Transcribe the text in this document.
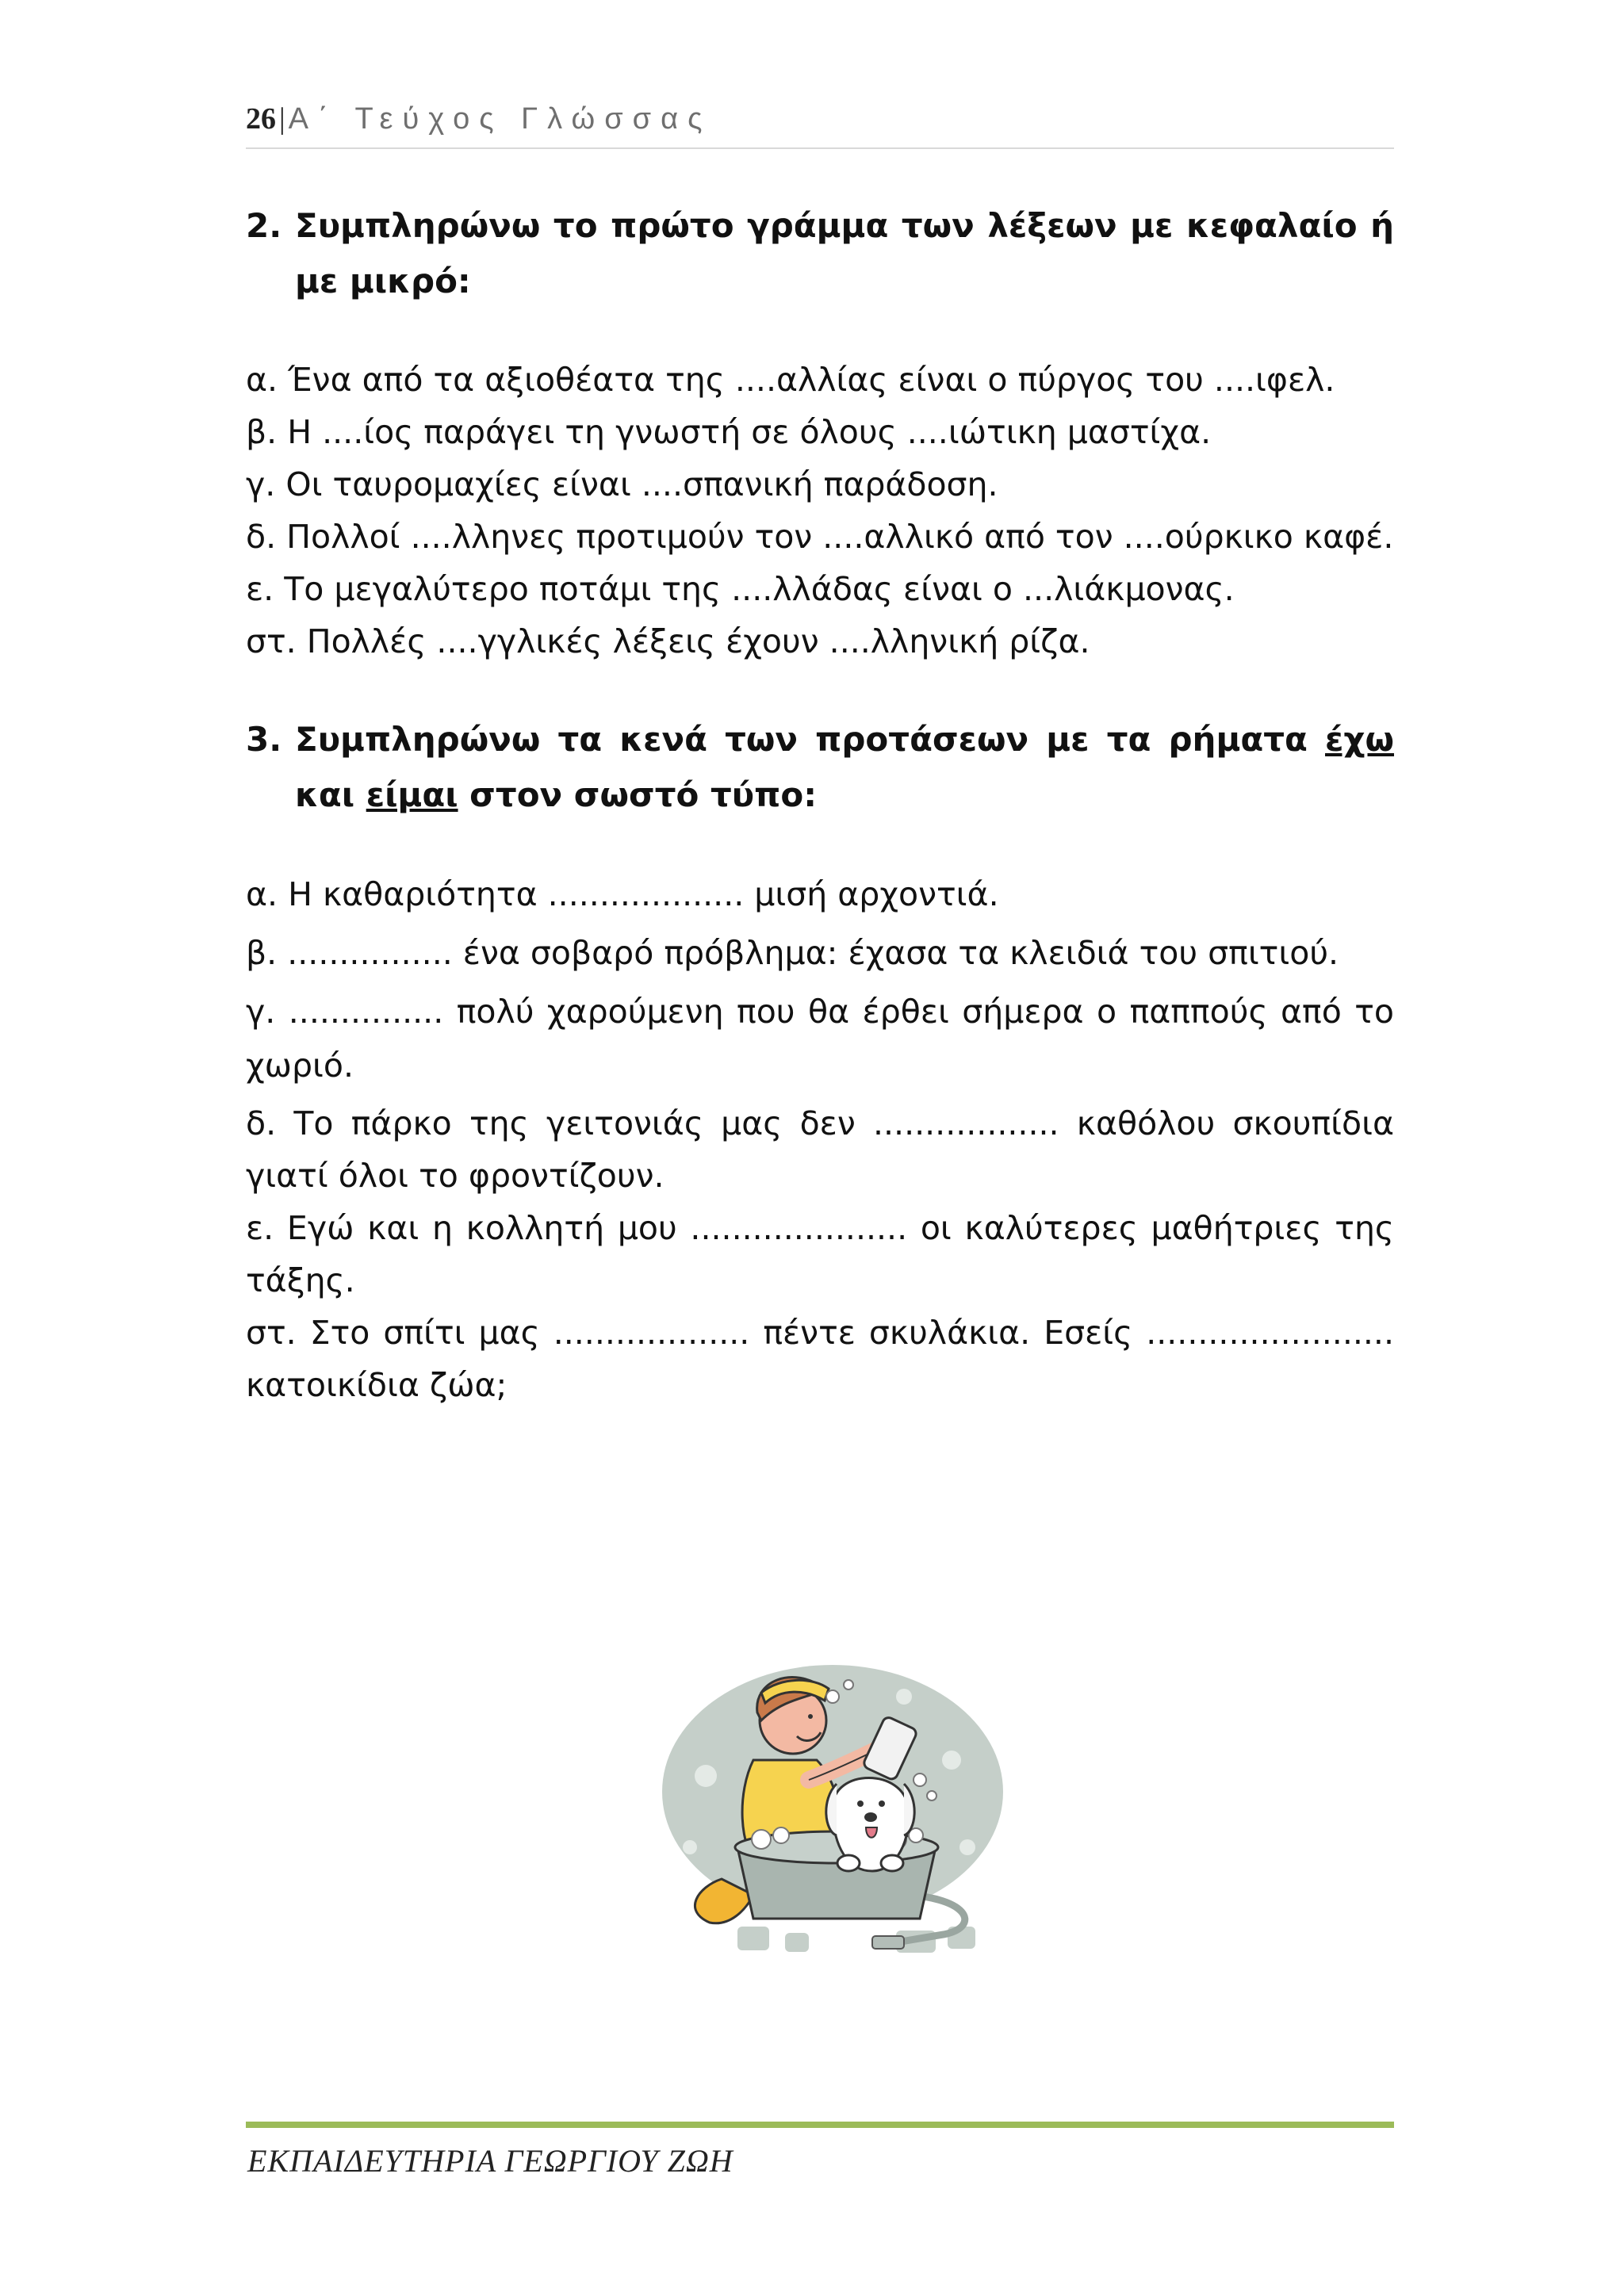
26 | Α΄ Τεύχος Γλώσσας
2. Συμπληρώνω το πρώτο γράμμα των λέξεων με κεφαλαίο ή με μικρό:
α. Ένα από τα αξιοθέατα της ....αλλίας είναι ο πύργος του ....ιφελ.
β. Η ....ίος παράγει τη γνωστή σε όλους ....ιώτικη μαστίχα.
γ. Οι ταυρομαχίες είναι ....σπανική παράδοση.
δ. Πολλοί ....λληνες προτιμούν τον ....αλλικό από τον ....ούρκικο καφέ.
ε. Το μεγαλύτερο ποτάμι της ....λλάδας είναι ο ...λιάκμονας.
στ. Πολλές ....γγλικές λέξεις έχουν ....λληνική ρίζα.
3. Συμπληρώνω τα κενά των προτάσεων με τα ρήματα έχω και είμαι στον σωστό τύπο:
α. Η καθαριότητα ................... μισή αρχοντιά.
β. ................ ένα σοβαρό πρόβλημα: έχασα τα κλειδιά του σπιτιού.
γ. ............... πολύ χαρούμενη που θα έρθει σήμερα ο παππούς από το χωριό.
δ. Το πάρκο της γειτονιάς μας δεν .................. καθόλου σκουπίδια γιατί όλοι το φροντίζουν.
ε. Εγώ και η κολλητή μου ..................... οι καλύτερες μαθήτριες της τάξης.
στ. Στο σπίτι μας ................... πέντε σκυλάκια. Εσείς ........................ κατοικίδια ζώα;
ΕΚΠΑΙΔΕΥΤΗΡΙΑ ΓΕΩΡΓΙΟΥ ΖΩΗ
